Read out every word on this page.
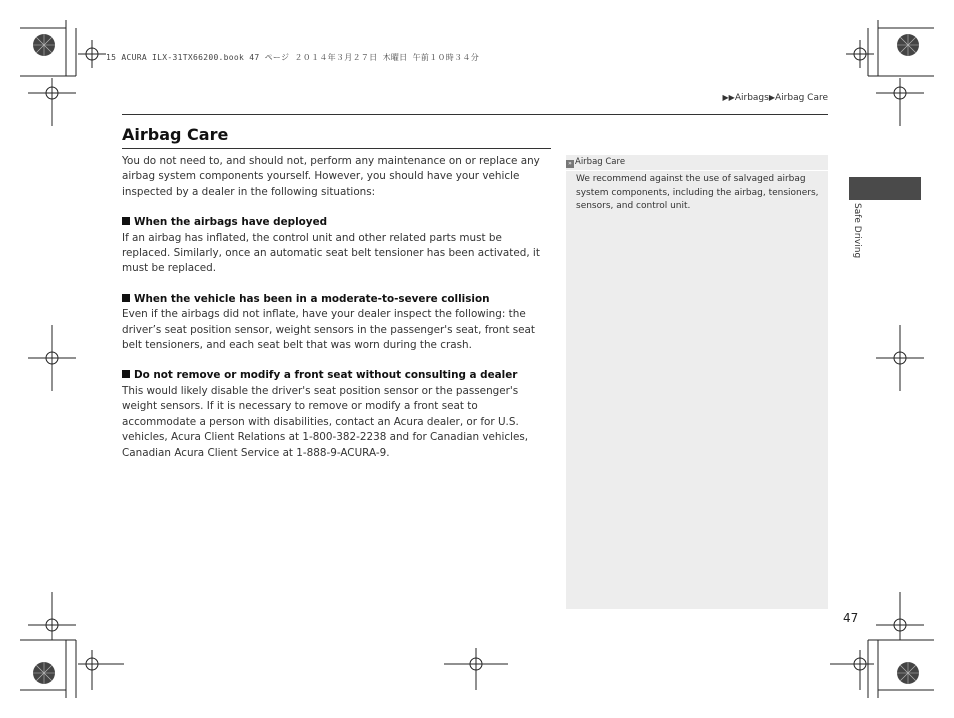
15 ACURA ILX-31TX66200.book 47 ページ ２０１４年３月２７日 木曜日 午前１０時３４分
▶▶Airbags▶Airbag Care
Airbag Care

You do not need to, and should not, perform any maintenance on or replace any airbag system components yourself. However, you should have your vehicle inspected by a dealer in the following situations:

When the airbags have deployed

If an airbag has inflated, the control unit and other related parts must be replaced. Similarly, once an automatic seat belt tensioner has been activated, it must be replaced.

When the vehicle has been in a moderate-to-severe collision

Even if the airbags did not inflate, have your dealer inspect the following: the driver’s seat position sensor, weight sensors in the passenger's seat, front seat belt tensioners, and each seat belt that was worn during the crash.

Do not remove or modify a front seat without consulting a dealer

This would likely disable the driver's seat position sensor or the passenger's weight sensors. If it is necessary to remove or modify a front seat to accommodate a person with disabilities, contact an Acura dealer, or for U.S. vehicles, Acura Client Relations at 1-800-382-2238 and for Canadian vehicles, Canadian Acura Client Service at 1-888-9-ACURA-9.

» Airbag Care
We recommend against the use of salvaged airbag system components, including the airbag, tensioners, sensors, and control unit.	Safe Driving
47
